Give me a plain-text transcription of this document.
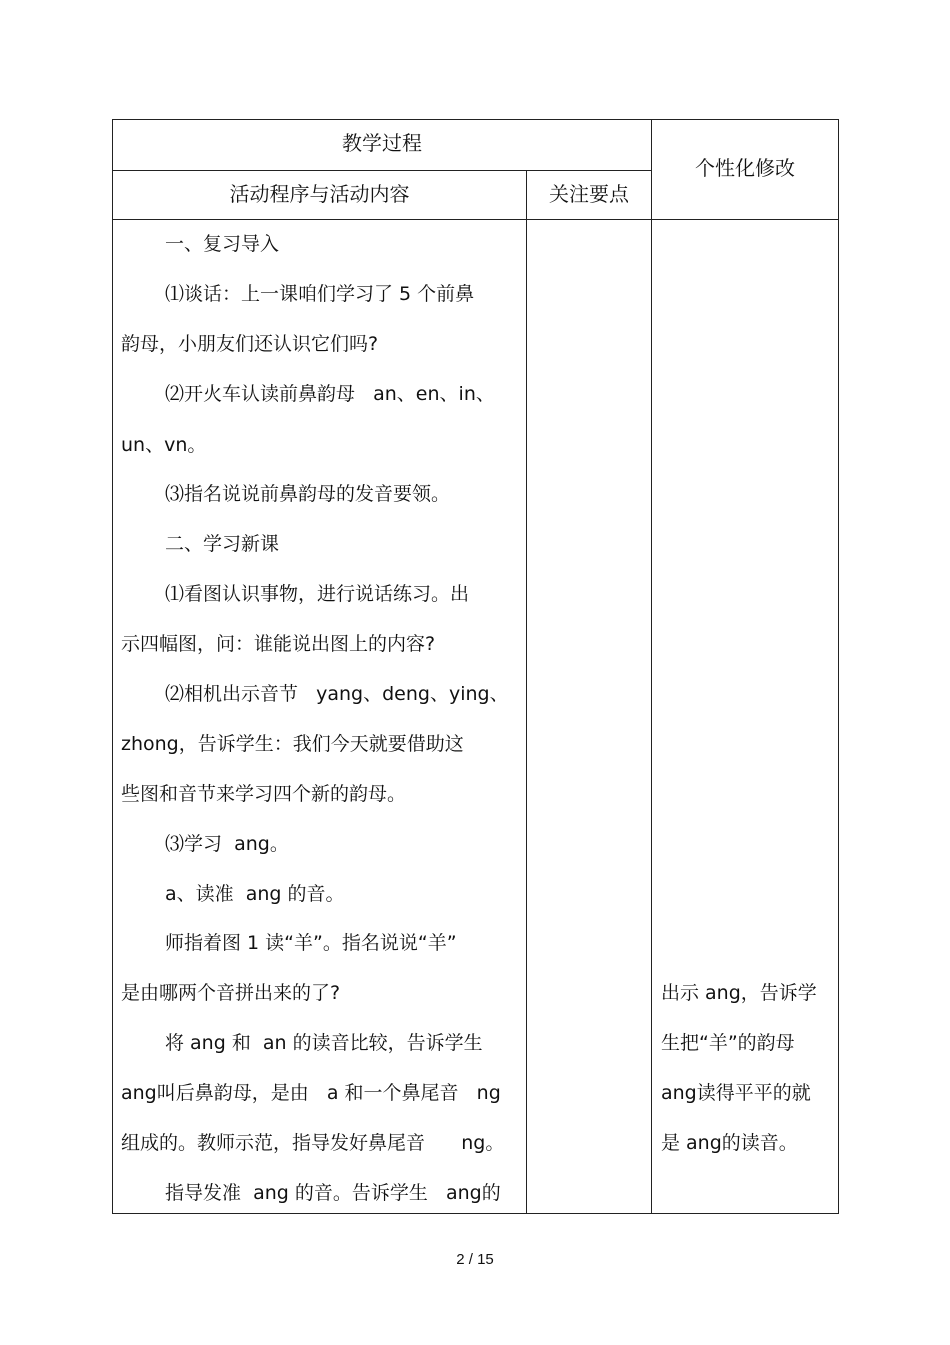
教学过程
活动程序与活动内容	关注要点
个性化修改
一、复习导入
⑴谈话：上一课咱们学习了 5 个前鼻
韵母，小朋友们还认识它们吗?
⑵开火车认读前鼻韵母   an、en、in、
un、vn。
⑶指名说说前鼻韵母的发音要领。
二、学习新课
⑴看图认识事物，进行说话练习。出
示四幅图，问：谁能说出图上的内容?
⑵相机出示音节   yang、deng、ying、
zhong，告诉学生：我们今天就要借助这
些图和音节来学习四个新的韵母。
⑶学习  ang。
a、读准  ang 的音。
师指着图 1 读“羊”。指名说说“羊”
是由哪两个音拼出来的了?
将 ang 和  an 的读音比较，告诉学生
ang叫后鼻韵母，是由   a 和一个鼻尾音   ng
组成的。教师示范，指导发好鼻尾音      ng。
指导发准  ang 的音。告诉学生   ang的
出示 ang，告诉学
生把“羊”的韵母
ang读得平平的就
是 ang的读音。
2 / 15
